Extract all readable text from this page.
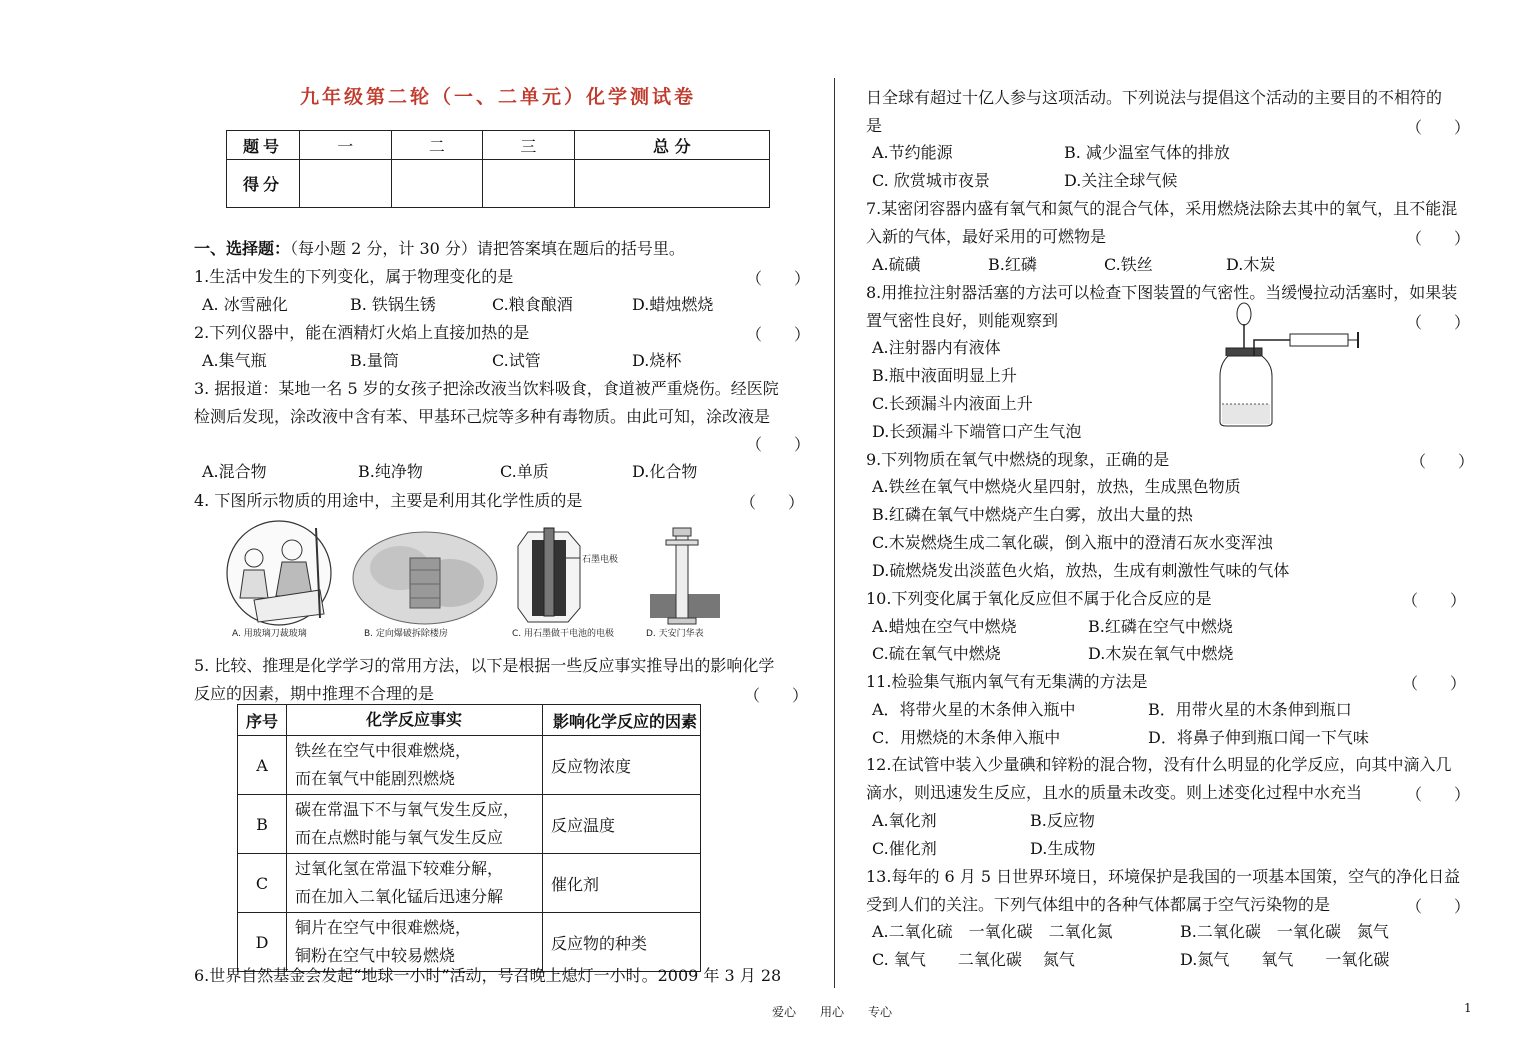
九年级第二轮（一、二单元）化学测试卷
题号	一	二	三	总 分
得分				
一、选择题：（每小题 2 分，计 30 分）请把答案填在题后的括号里。
1.生活中发生的下列变化，属于物理变化的是	（　　）
A. 冰雪融化	B. 铁锅生锈	C.粮食酿酒	D.蜡烛燃烧
2.下列仪器中，能在酒精灯火焰上直接加热的是	（　　）
A.集气瓶	B.量筒	C.试管	D.烧杯
3. 据报道：某地一名 5 岁的女孩子把涂改液当饮料吸食，食道被严重烧伤。经医院
检测后发现，涂改液中含有苯、甲基环己烷等多种有毒物质。由此可知，涂改液是
（　　）
A.混合物	B.纯净物	C.单质	D.化合物
4. 下图所示物质的用途中，主要是利用其化学性质的是	（　　）
A. 用玻璃刀裁玻璃	B. 定向爆破拆除楼房
石墨电极
C. 用石墨做干电池的电极	D. 天安门华表
5. 比较、推理是化学学习的常用方法，以下是根据一些反应事实推导出的影响化学
反应的因素，期中推理不合理的是	（　　）
序号	化学反应事实	影响化学反应的因素
A	铁丝在空气中很难燃烧，
而在氧气中能剧烈燃烧	反应物浓度
B	碳在常温下不与氧气发生反应，
而在点燃时能与氧气发生反应	反应温度
C	过氧化氢在常温下较难分解，
而在加入二氧化锰后迅速分解	催化剂
D	铜片在空气中很难燃烧，
铜粉在空气中较易燃烧	反应物的种类
6.世界自然基金会发起“地球一小时”活动，号召晚上熄灯一小时。2009 年 3 月 28
日全球有超过十亿人参与这项活动。下列说法与提倡这个活动的主要目的不相符的
是	（　　）
A.节约能源	B. 减少温室气体的排放
C. 欣赏城市夜景	D.关注全球气候
7.某密闭容器内盛有氧气和氮气的混合气体，采用燃烧法除去其中的氧气，且不能混
入新的气体，最好采用的可燃物是	（　　）
A.硫磺	B.红磷	C.铁丝	D.木炭
8.用推拉注射器活塞的方法可以检查下图装置的气密性。当缓慢拉动活塞时，如果装
置气密性良好，则能观察到	（　　）
A.注射器内有液体
B.瓶中液面明显上升
C.长颈漏斗内液面上升
D.长颈漏斗下端管口产生气泡
9.下列物质在氧气中燃烧的现象，正确的是	（　　）
A.铁丝在氧气中燃烧火星四射，放热，生成黑色物质
B.红磷在氧气中燃烧产生白雾，放出大量的热
C.木炭燃烧生成二氧化碳，倒入瓶中的澄清石灰水变浑浊
D.硫燃烧发出淡蓝色火焰，放热，生成有刺激性气味的气体
10.下列变化属于氧化反应但不属于化合反应的是	（　　）
A.蜡烛在空气中燃烧	B.红磷在空气中燃烧
C.硫在氧气中燃烧	D.木炭在氧气中燃烧
11.检验集气瓶内氧气有无集满的方法是	（　　）
A．将带火星的木条伸入瓶中	B．用带火星的木条伸到瓶口
C．用燃烧的木条伸入瓶中	D．将鼻子伸到瓶口闻一下气味
12.在试管中装入少量碘和锌粉的混合物，没有什么明显的化学反应，向其中滴入几
滴水，则迅速发生反应，且水的质量未改变。则上述变化过程中水充当	（　　）
A.氧化剂	B.反应物
C.催化剂	D.生成物
13.每年的 6 月 5 日世界环境日，环境保护是我国的一项基本国策，空气的净化日益
受到人们的关注。下列气体组中的各种气体都属于空气污染物的是	（　　）
A.二氧化硫　一氧化碳　二氧化氮	B.二氧化碳　一氧化碳　氮气
C. 氧气　　二氧化碳　 氮气	D.氮气　　氧气　　一氧化碳
爱心　　用心　　专心	1
